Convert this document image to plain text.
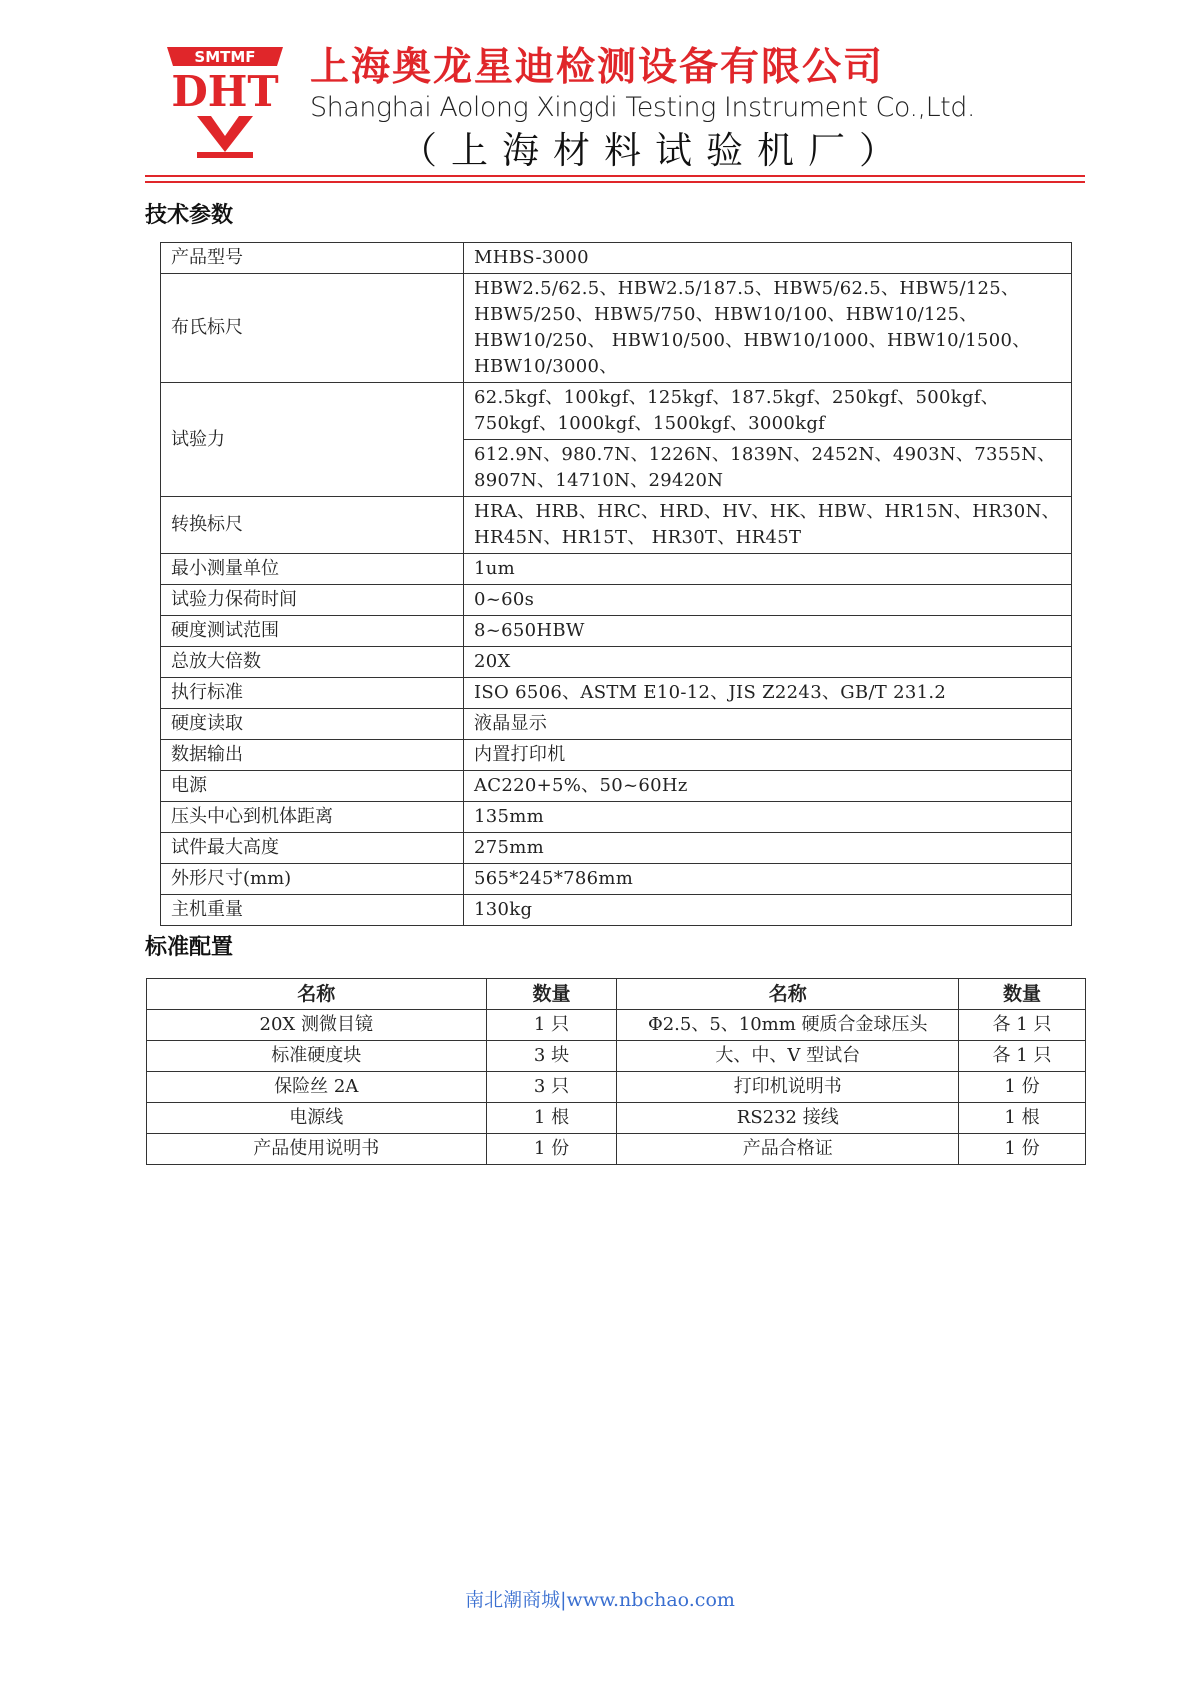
SMTMF
DHT 上海奥龙星迪检测设备有限公司
Shanghai Aolong Xingdi Testing Instrument Co.,Ltd.
（上海材料试验机厂）
技术参数
产品型号	MHBS-3000
布氏标尺	HBW2.5/62.5、HBW2.5/187.5、HBW5/62.5、HBW5/125、HBW5/250、HBW5/750、HBW10/100、HBW10/125、HBW10/250、 HBW10/500、HBW10/1000、HBW10/1500、HBW10/3000、
试验力	62.5kgf、100kgf、125kgf、187.5kgf、250kgf、500kgf、750kgf、1000kgf、1500kgf、3000kgf
	612.9N、980.7N、1226N、1839N、2452N、4903N、7355N、8907N、14710N、29420N
转换标尺	HRA、HRB、HRC、HRD、HV、HK、HBW、HR15N、HR30N、HR45N、HR15T、 HR30T、HR45T
最小测量单位	1um
试验力保荷时间	0~60s
硬度测试范围	8~650HBW
总放大倍数	20X
执行标准	ISO 6506、ASTM E10-12、JIS Z2243、GB/T 231.2
硬度读取	液晶显示
数据输出	内置打印机
电源	AC220+5%、50~60Hz
压头中心到机体距离	135mm
试件最大高度	275mm
外形尺寸(mm)	565*245*786mm
主机重量	130kg
标准配置
名称	数量	名称	数量
20X 测微目镜	1 只	Φ2.5、5、10mm 硬质合金球压头	各 1 只
标准硬度块	3 块	大、中、V 型试台	各 1 只
保险丝 2A	3 只	打印机说明书	1 份
电源线	1 根	RS232 接线	1 根
产品使用说明书	1 份	产品合格证	1 份
南北潮商城|www.nbchao.com
